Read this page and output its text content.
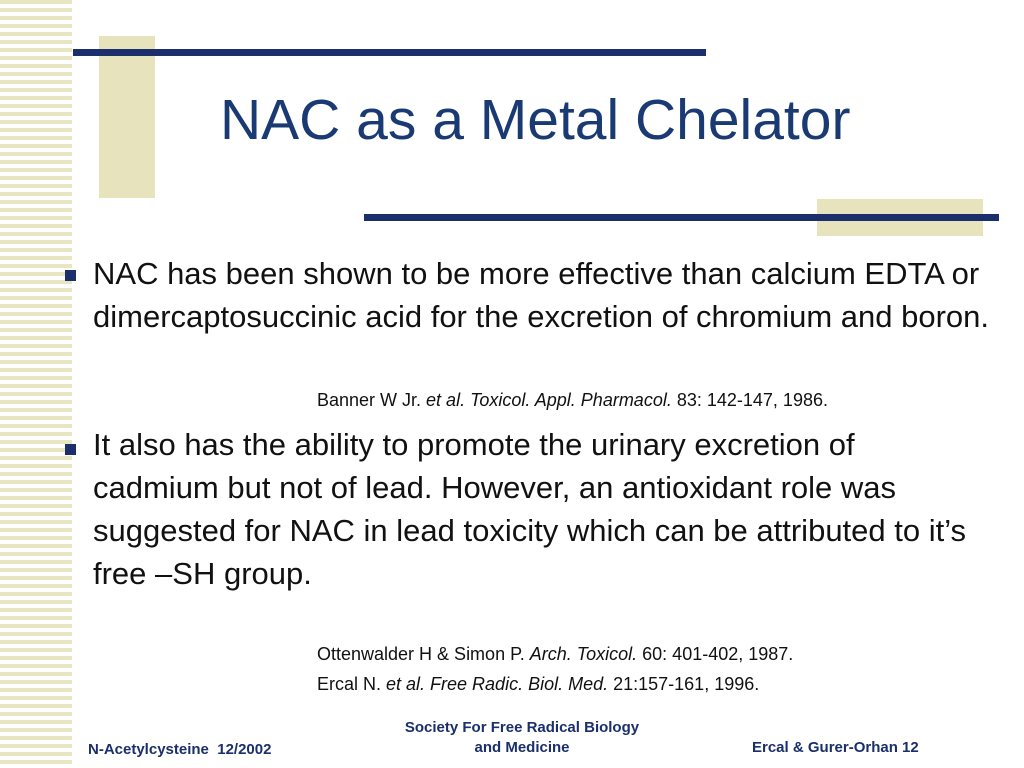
NAC as a Metal Chelator
NAC has been shown to be more effective than calcium EDTA or dimercaptosuccinic acid for the excretion of chromium and boron.
Banner W Jr. et al. Toxicol. Appl. Pharmacol. 83: 142-147, 1986.
It also has the ability to promote the urinary excretion of cadmium but not of lead. However, an antioxidant role was suggested for NAC in lead toxicity which can be attributed to it’s free –SH group.
Ottenwalder H & Simon P. Arch. Toxicol. 60: 401-402, 1987.
Ercal N. et al. Free Radic. Biol. Med. 21:157-161, 1996.
N-Acetylcysteine  12/2002
Society For Free Radical Biology
and Medicine	Ercal & Gurer-Orhan 12
